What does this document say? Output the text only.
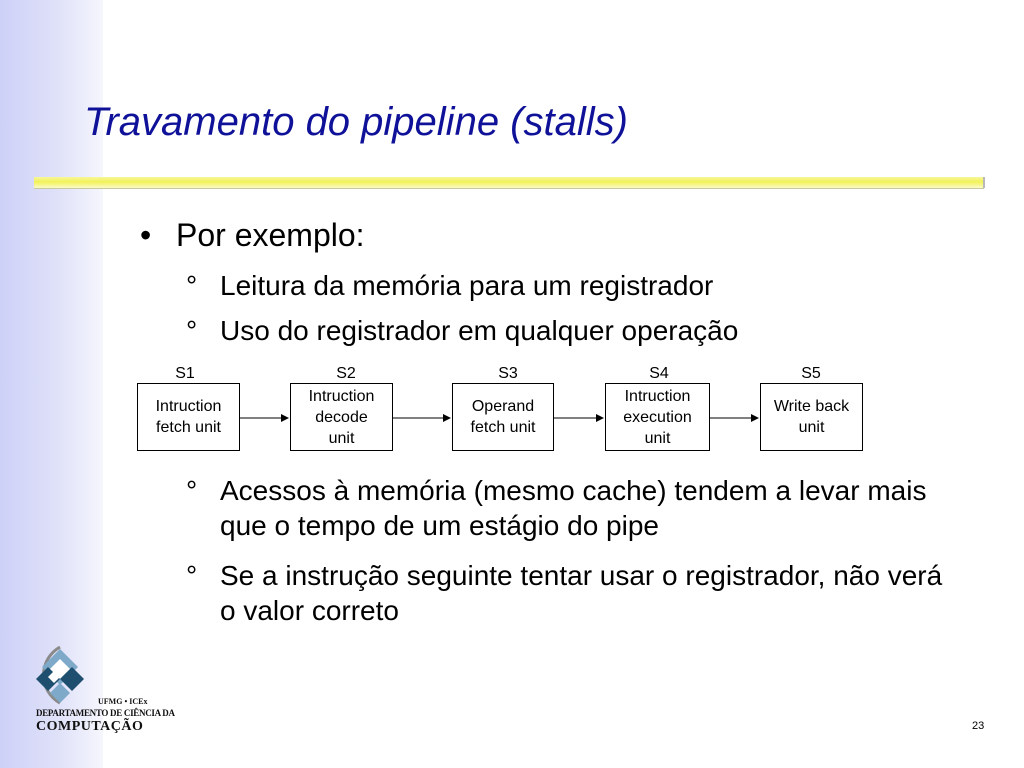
Travamento do pipeline (stalls)
• Por exemplo:
° Leitura da memória para um registrador
° Uso do registrador em qualquer operação
S1	S2	S3	S4	S5
Intruction
fetch unit
Intruction
decode
unit
Operand
fetch unit
Intruction
execution
unit
Write back
unit
° Acessos à memória (mesmo cache) tendem a levar mais que o tempo de um estágio do pipe
° Se a instrução seguinte tentar usar o registrador, não verá o valor correto
UFMG • ICEx
DEPARTAMENTO DE CIÊNCIA DA
COMPUTAÇÃO	23
